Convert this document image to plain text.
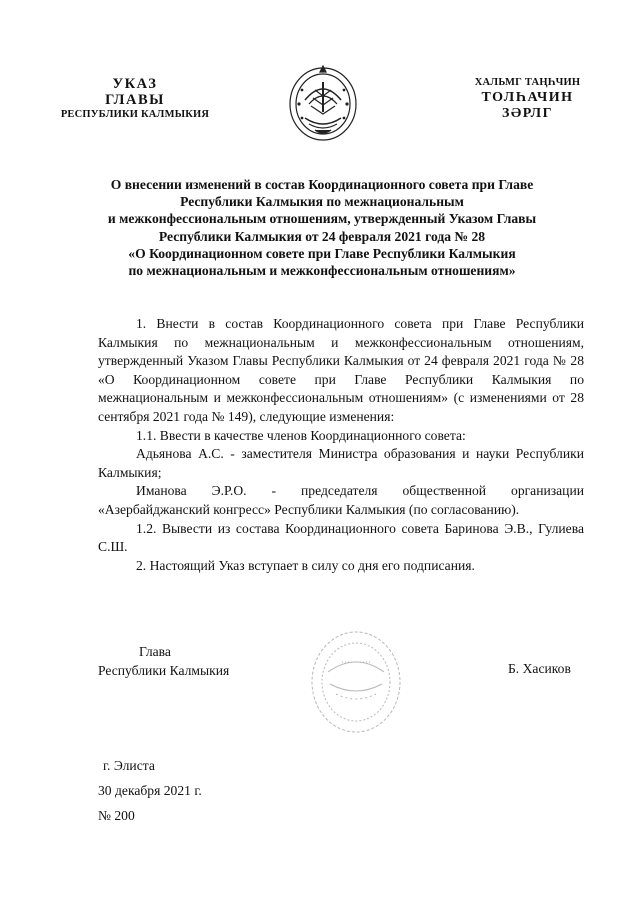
УКАЗ
ГЛАВЫ
РЕСПУБЛИКИ КАЛМЫКИЯ
ХАЛЬМГ ТАҢҺЧИН
ТОЛҺАЧИН
ЗӘРЛГ
О внесении изменений в состав Координационного совета при Главе
Республики Калмыкия по межнациональным
и межконфессиональным отношениям, утвержденный Указом Главы
Республики Калмыкия от 24 февраля 2021 года № 28
«О Координационном совете при Главе Республики Калмыкия
по межнациональным и межконфессиональным отношениям»

1. Внести в состав Координационного совета при Главе Республики Калмыкия по межнациональным и межконфессиональным отношениям, утвержденный Указом Главы Республики Калмыкия от 24 февраля 2021 года № 28 «О Координационном совете при Главе Республики Калмыкия по межнациональным и межконфессиональным отношениям» (с изменениями от 28 сентября 2021 года № 149), следующие изменения:

1.1. Ввести в качестве членов Координационного совета:

Адьянова А.С. - заместителя Министра образования и науки Республики Калмыкия;

Иманова Э.Р.О. - председателя общественной организации «Азербайджанский конгресс» Республики Калмыкия (по согласованию).

1.2. Вывести из состава Координационного совета Баринова Э.В., Гулиева С.Ш.

2. Настоящий Указ вступает в силу со дня его подписания.

Глава
Республики Калмыкия	Б. Хасиков
г. Элиста
30 декабря 2021 г.
№ 200
